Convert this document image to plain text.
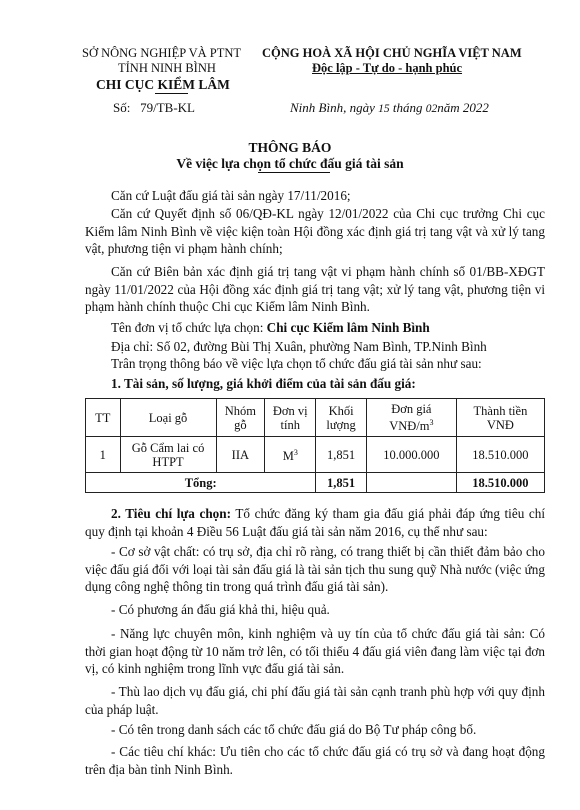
SỞ NÔNG NGHIỆP VÀ PTNT
TỈNH NINH BÌNH
CHI CỤC KIỂM LÂM
Số: 79/TB-KL
CỘNG HOÀ XÃ HỘI CHỦ NGHĨA VIỆT NAM
Độc lập - Tự do - hạnh phúc
Ninh Bình, ngày 15 tháng 02năm 2022
THÔNG BÁO
Về việc lựa chọn tổ chức đấu giá tài sản
Căn cứ Luật đấu giá tài sản ngày 17/11/2016;
Căn cứ Quyết định số 06/QĐ-KL ngày 12/01/2022 của Chi cục trưởng Chi cục Kiểm lâm Ninh Bình về việc kiện toàn Hội đồng xác định giá trị tang vật và xử lý tang vật, phương tiện vi phạm hành chính;
Căn cứ Biên bản xác định giá trị tang vật vi phạm hành chính số 01/BB-XĐGT ngày 11/01/2022 của Hội đồng xác định giá trị tang vật; xử lý tang vật, phương tiện vi phạm hành chính thuộc Chi cục Kiểm lâm Ninh Bình.
Tên đơn vị tổ chức lựa chọn: Chi cục Kiểm lâm Ninh Bình
Địa chỉ: Số 02, đường Bùi Thị Xuân, phường Nam Bình, TP.Ninh Bình
Trân trọng thông báo về việc lựa chọn tổ chức đấu giá tài sản như sau:
1. Tài sản, số lượng, giá khởi điểm của tài sản đấu giá:
TT	Loại gỗ	Nhóm gỗ	Đơn vị tính	Khối lượng	Đơn giá VNĐ/$m^3$	Thành tiền VNĐ
1	Gỗ Cẩm lai có HTPT	IIA	$M^3$	1,851	10.000.000	18.510.000
Tổng:				1,851		18.510.000
2. Tiêu chí lựa chọn: Tổ chức đăng ký tham gia đấu giá phải đáp ứng tiêu chí quy định tại khoản 4 Điều 56 Luật đấu giá tài sản năm 2016, cụ thể như sau:
- Cơ sở vật chất: có trụ sở, địa chỉ rõ ràng, có trang thiết bị cần thiết đảm bảo cho việc đấu giá đối với loại tài sản đấu giá là tài sản tịch thu sung quỹ Nhà nước (việc ứng dụng công nghệ thông tin trong quá trình đấu giá tài sản).
- Có phương án đấu giá khả thi, hiệu quả.
- Năng lực chuyên môn, kinh nghiệm và uy tín của tổ chức đấu giá tài sản: Có thời gian hoạt động từ 10 năm trở lên, có tối thiểu 4 đấu giá viên đang làm việc tại đơn vị, có kinh nghiệm trong lĩnh vực đấu giá tài sản.
- Thù lao dịch vụ đấu giá, chi phí đấu giá tài sản cạnh tranh phù hợp với quy định của pháp luật.
- Có tên trong danh sách các tổ chức đấu giá do Bộ Tư pháp công bố.
- Các tiêu chí khác: Ưu tiên cho các tổ chức đấu giá có trụ sở và đang hoạt động trên địa bàn tỉnh Ninh Bình.
